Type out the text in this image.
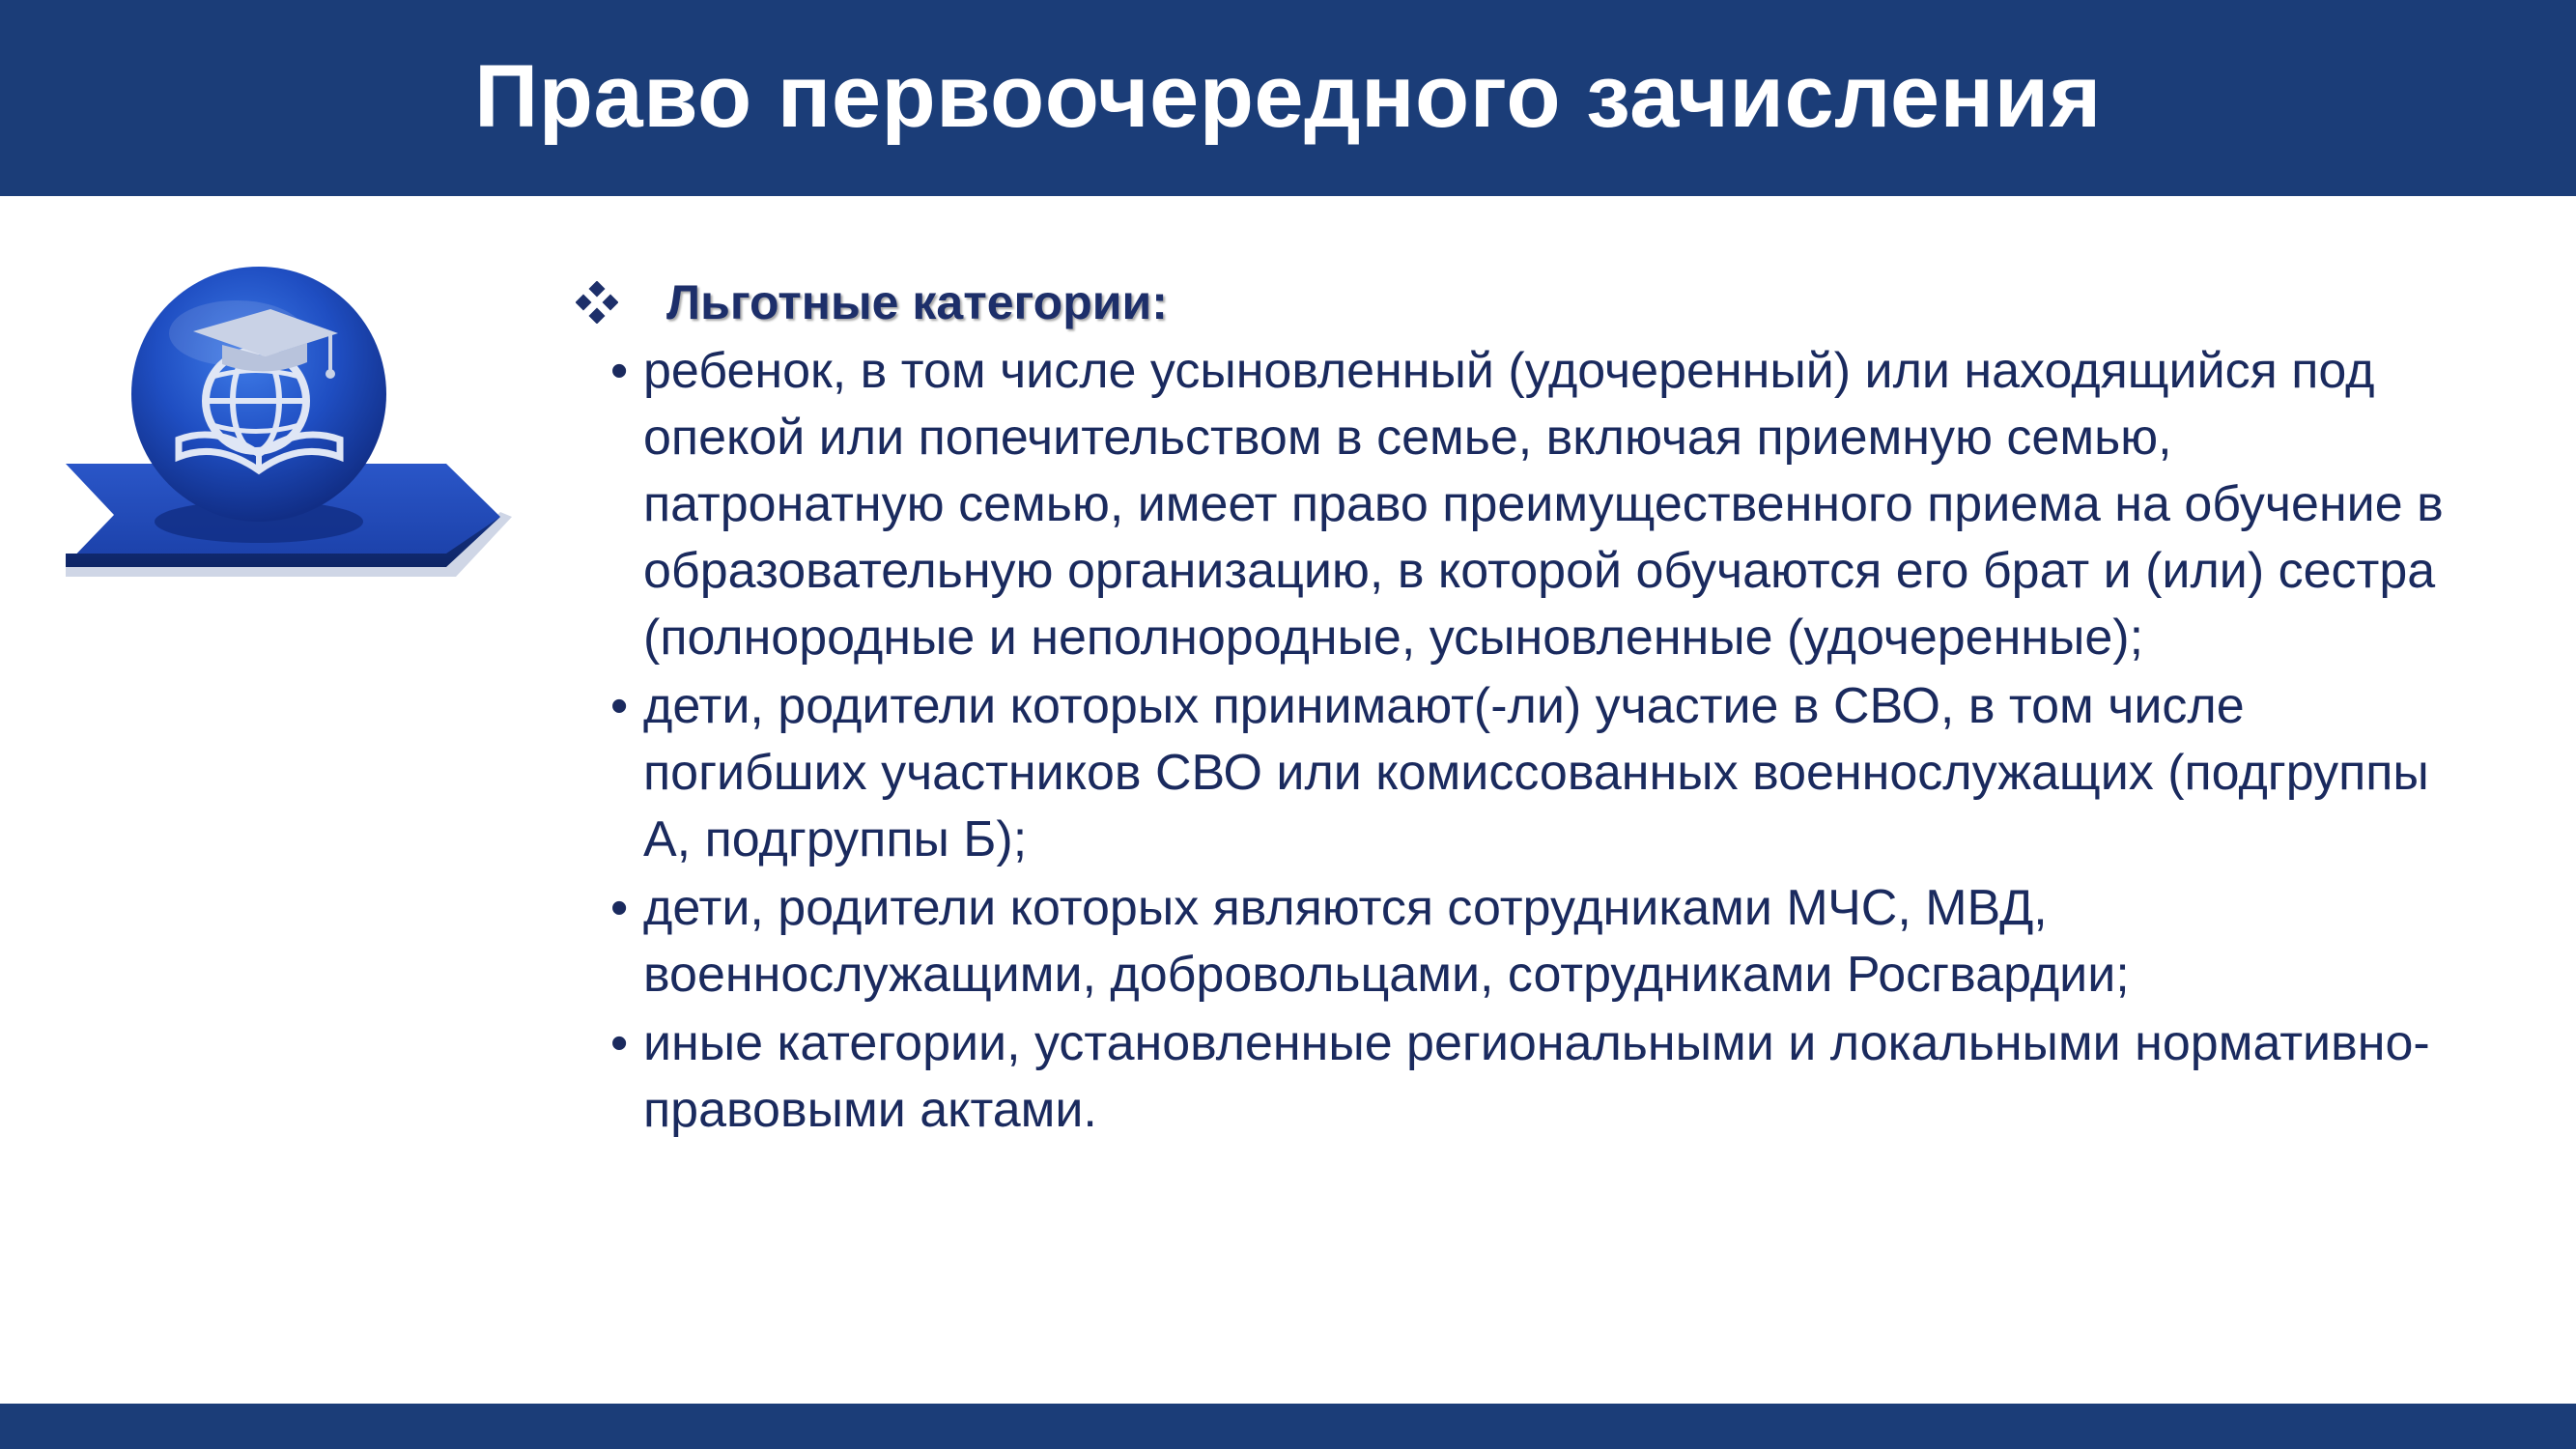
Право первоочередного зачисления
Льготные категории:
• ребенок, в том числе усыновленный (удочеренный) или находящийся под опекой или попечительством в семье, включая приемную семью, патронатную семью, имеет право преимущественного приема на обучение в образовательную организацию, в которой обучаются его брат и (или) сестра (полнородные и неполнородные, усыновленные (удочеренные);
• дети, родители которых принимают(-ли) участие в СВО, в том числе погибших участников СВО или комиссованных военнослужащих (подгруппы А, подгруппы Б);
• дети, родители которых являются сотрудниками МЧС, МВД, военнослужащими, добровольцами, сотрудниками Росгвардии;
• иные категории, установленные региональными и локальными нормативно-правовыми актами.
